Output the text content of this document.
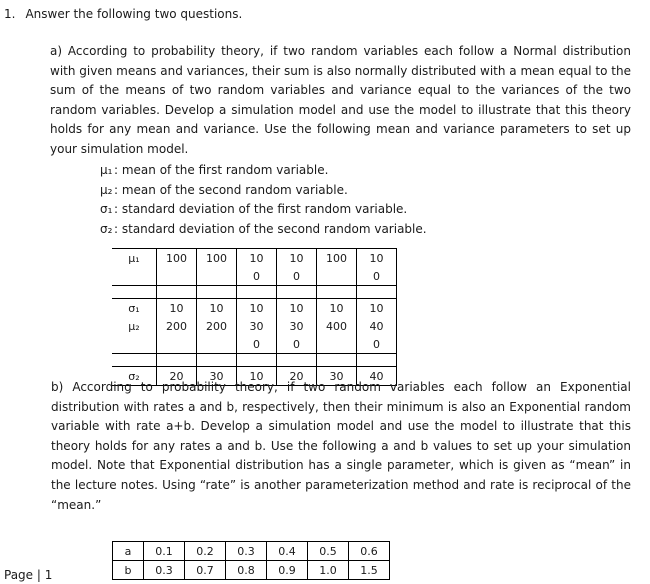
1. Answer the following two questions.

a) According to probability theory, if two random variables each follow a Normal distribution with given means and variances, their sum is also normally distributed with a mean equal to the sum of the means of two random variables and variance equal to the variances of the two random variables. Develop a simulation model and use the model to illustrate that this theory holds for any mean and variance. Use the following mean and variance parameters to set up your simulation model.

μ₁ : mean of the first random variable.
μ₂ : mean of the second random variable.
σ₁ : standard deviation of the first random variable.
σ₂ : standard deviation of the second random variable.
μ₁	100	100	10	10	100	10
			0	0		0

σ₁	10	10	10	10	10	10
μ₂	200	200	30	30	400	40
			0	0		0

σ₂	20	30	10	20	30	40

b) According to probability theory, if two random variables each follow an Exponential distribution with rates a and b, respectively, then their minimum is also an Exponential random variable with rate a+b. Develop a simulation model and use the model to illustrate that this theory holds for any rates a and b. Use the following a and b values to set up your simulation model. Note that Exponential distribution has a single parameter, which is given as “mean” in the lecture notes. Using “rate” is another parameterization method and rate is reciprocal of the “mean.”

a	0.1	0.2	0.3	0.4	0.5	0.6
b	0.3	0.7	0.8	0.9	1.0	1.5
Page | 1
